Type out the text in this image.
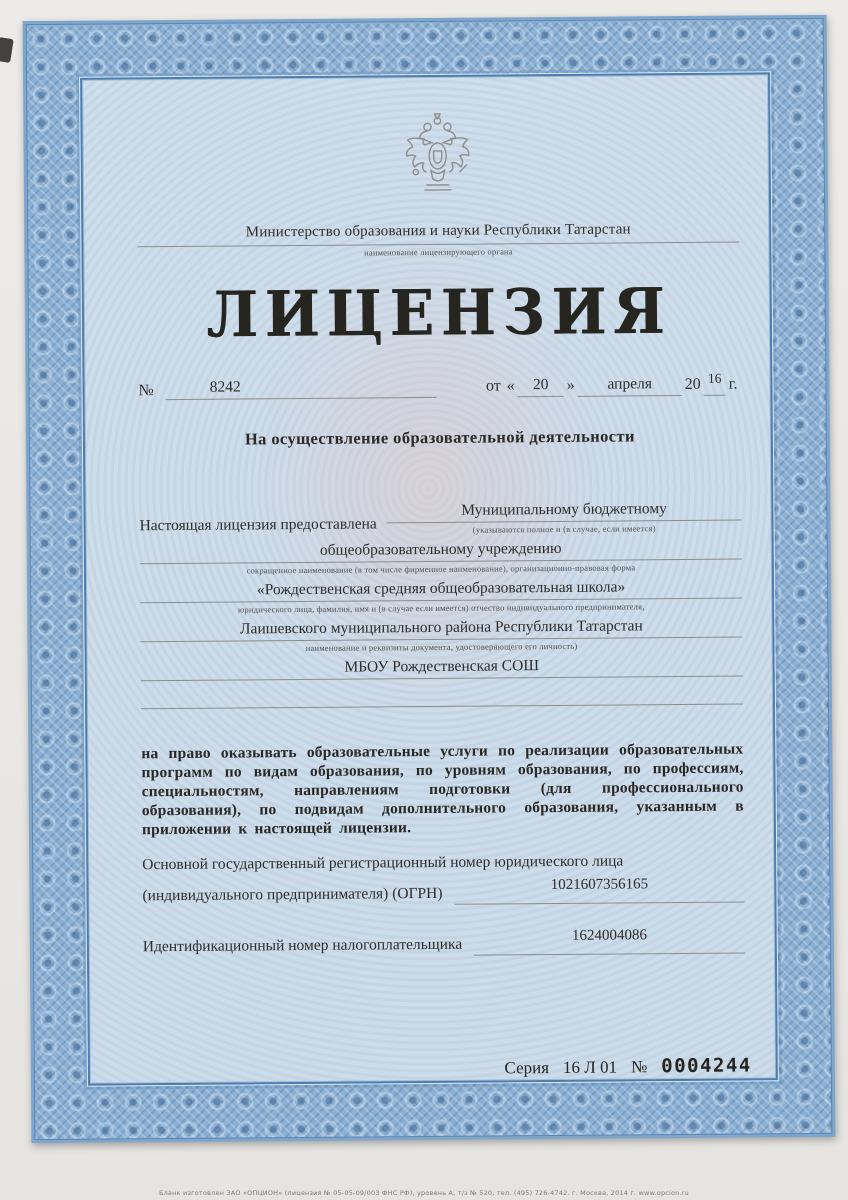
Министерство образования и науки Республики Татарстан
наименование лицензирующего органа
ЛИЦЕНЗИЯ
№	8242	от «	20	»	апреля	20 16 г.
На осуществление образовательной деятельности
Настоящая лицензия предоставлена
Муниципальному бюджетному
(указываются полное и (в случае, если имеется)
общеобразовательному учреждению
сокращенное наименование (в том числе фирменное наименование), организационно-правовая форма
«Рождественская средняя общеобразовательная школа»
юридического лица, фамилия, имя и (в случае если имеется) отчество индивидуального предпринимателя,
Лаишевского муниципального района Республики Татарстан
наименование и реквизиты документа, удостоверяющего его личность)
МБОУ Рождественская СОШ
на право оказывать образовательные услуги по реализации образовательных программ по видам образования, по уровням образования, по профессиям, специальностям, направлениям подготовки (для профессионального образования), по подвидам дополнительного образования, указанным в приложении к настоящей лицензии.
Основной государственный регистрационный номер юридического лица
(индивидуального предпринимателя) (ОГРН)
1021607356165
Идентификационный номер налогоплательщика
1624004086
Серия 16 Л 01 № 0004244
Бланк изготовлен ЗАО «ОПЦИОН» (лицензия № 05-05-09/003 ФНС РФ), уровень А, т/з № 520, тел. (495) 726-4742. г. Москва, 2014 г. www.opcion.ru
